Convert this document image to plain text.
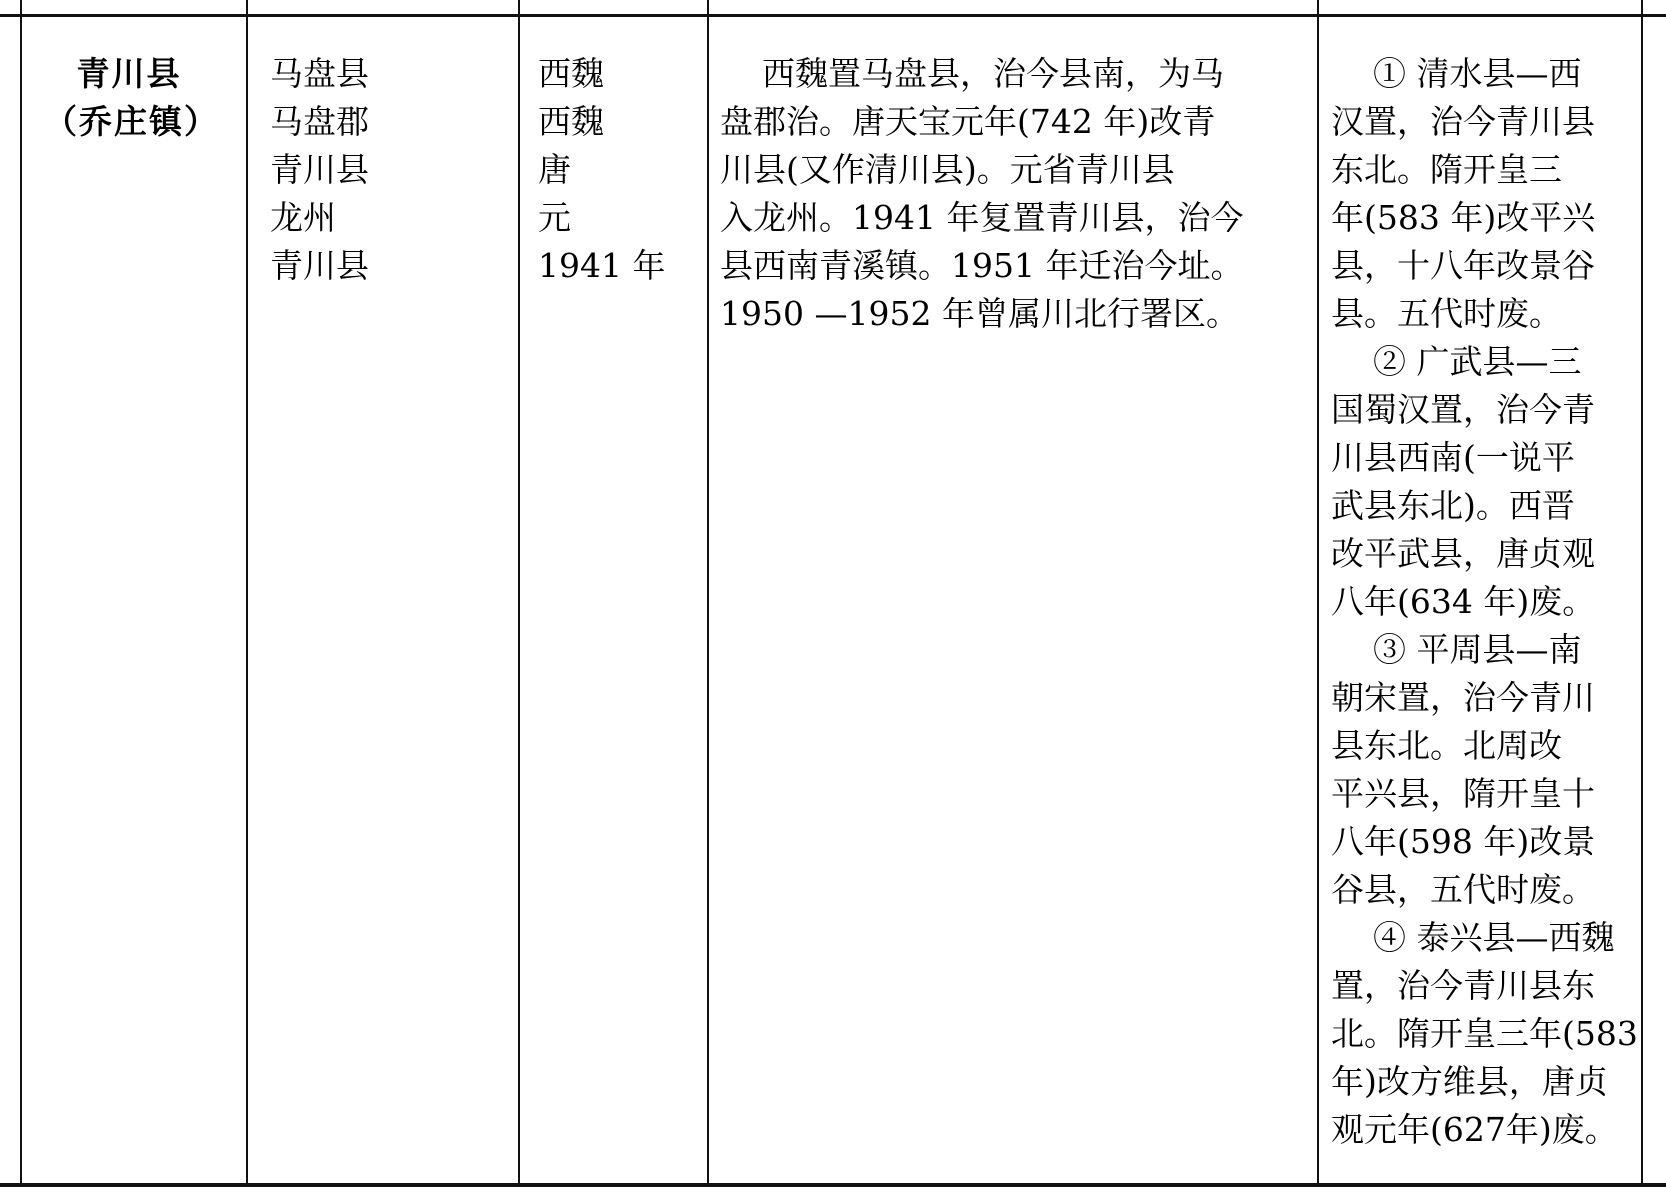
青川县
（乔庄镇）
马盘县
马盘郡
青川县
龙州
青川县
西魏
西魏
唐
元
1941 年
西魏置马盘县，治今县南，为马
盘郡治。唐天宝元年(742 年)改青
川县(又作清川县)。元省青川县
入龙州。1941 年复置青川县，治今
县西南青溪镇。1951 年迁治今址。
1950 —1952 年曾属川北行署区。
① 清水县—西
汉置，治今青川县
东北。隋开皇三
年(583 年)改平兴
县，十八年改景谷
县。五代时废。
② 广武县—三
国蜀汉置，治今青
川县西南(一说平
武县东北)。西晋
改平武县，唐贞观
八年(634 年)废。
③ 平周县—南
朝宋置，治今青川
县东北。北周改
平兴县，隋开皇十
八年(598 年)改景
谷县，五代时废。
④ 泰兴县—西魏
置，治今青川县东
北。隋开皇三年(583
年)改方维县，唐贞
观元年(627年)废。
